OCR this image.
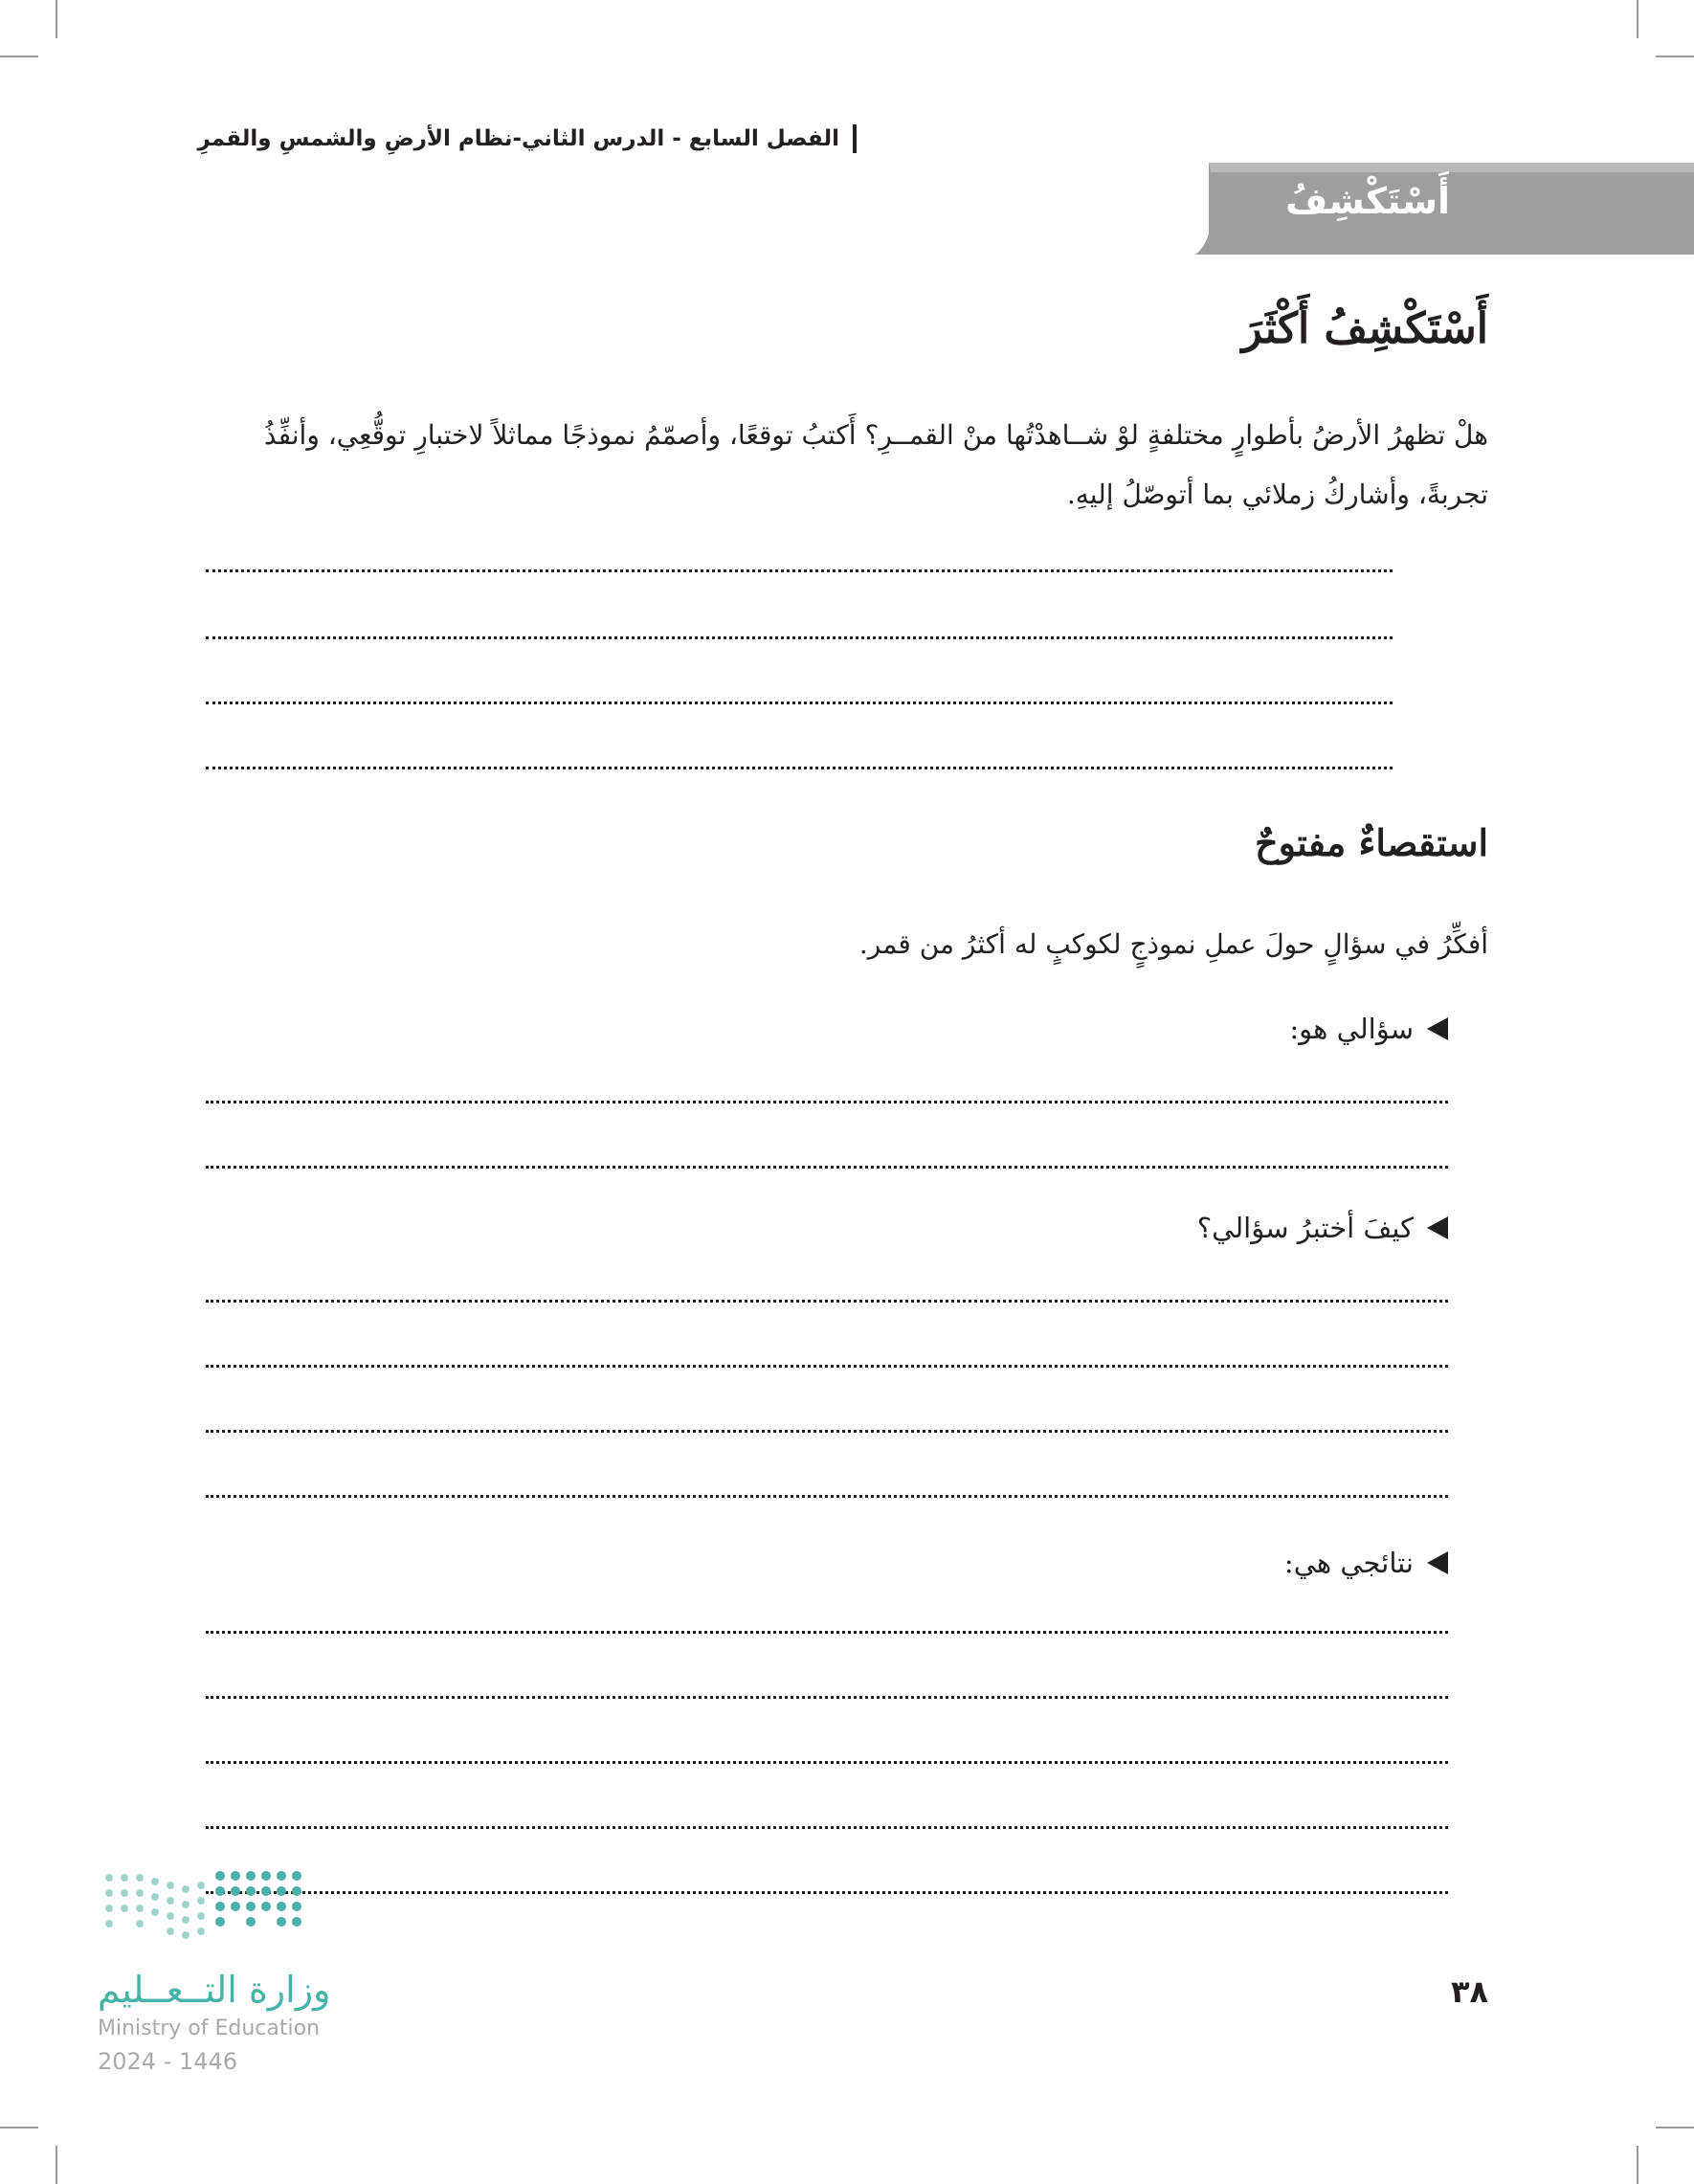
الفصل السابع - الدرس الثاني-نظام الأرضِ والشمسِ والقمرِ
أَسْتَكْشِفُ
أَسْتَكْشِفُ أَكْثَرَ
هلْ تظهرُ الأرضُ بأطوارٍ مختلفةٍ لوْ شــاهدْتُها منْ القمــرِ؟ أَكتبُ توقعًا، وأصمّمُ نموذجًا مماثلاً لاختبارِ توقُّعِي، وأنفِّذُ تجربةً، وأشاركُ زملائي بما أتوصّلُ إليهِ.
استقصاءٌ مفتوحٌ
أفكِّرُ في سؤالٍ حولَ عملِ نموذجٍ لكوكبٍ له أكثرُ من قمر.
سؤالي هو:
كيفَ أختبرُ سؤالي؟
نتائجي هي:
٣٨
وزارة التــعــليم
Ministry of Education
2024 - 1446
